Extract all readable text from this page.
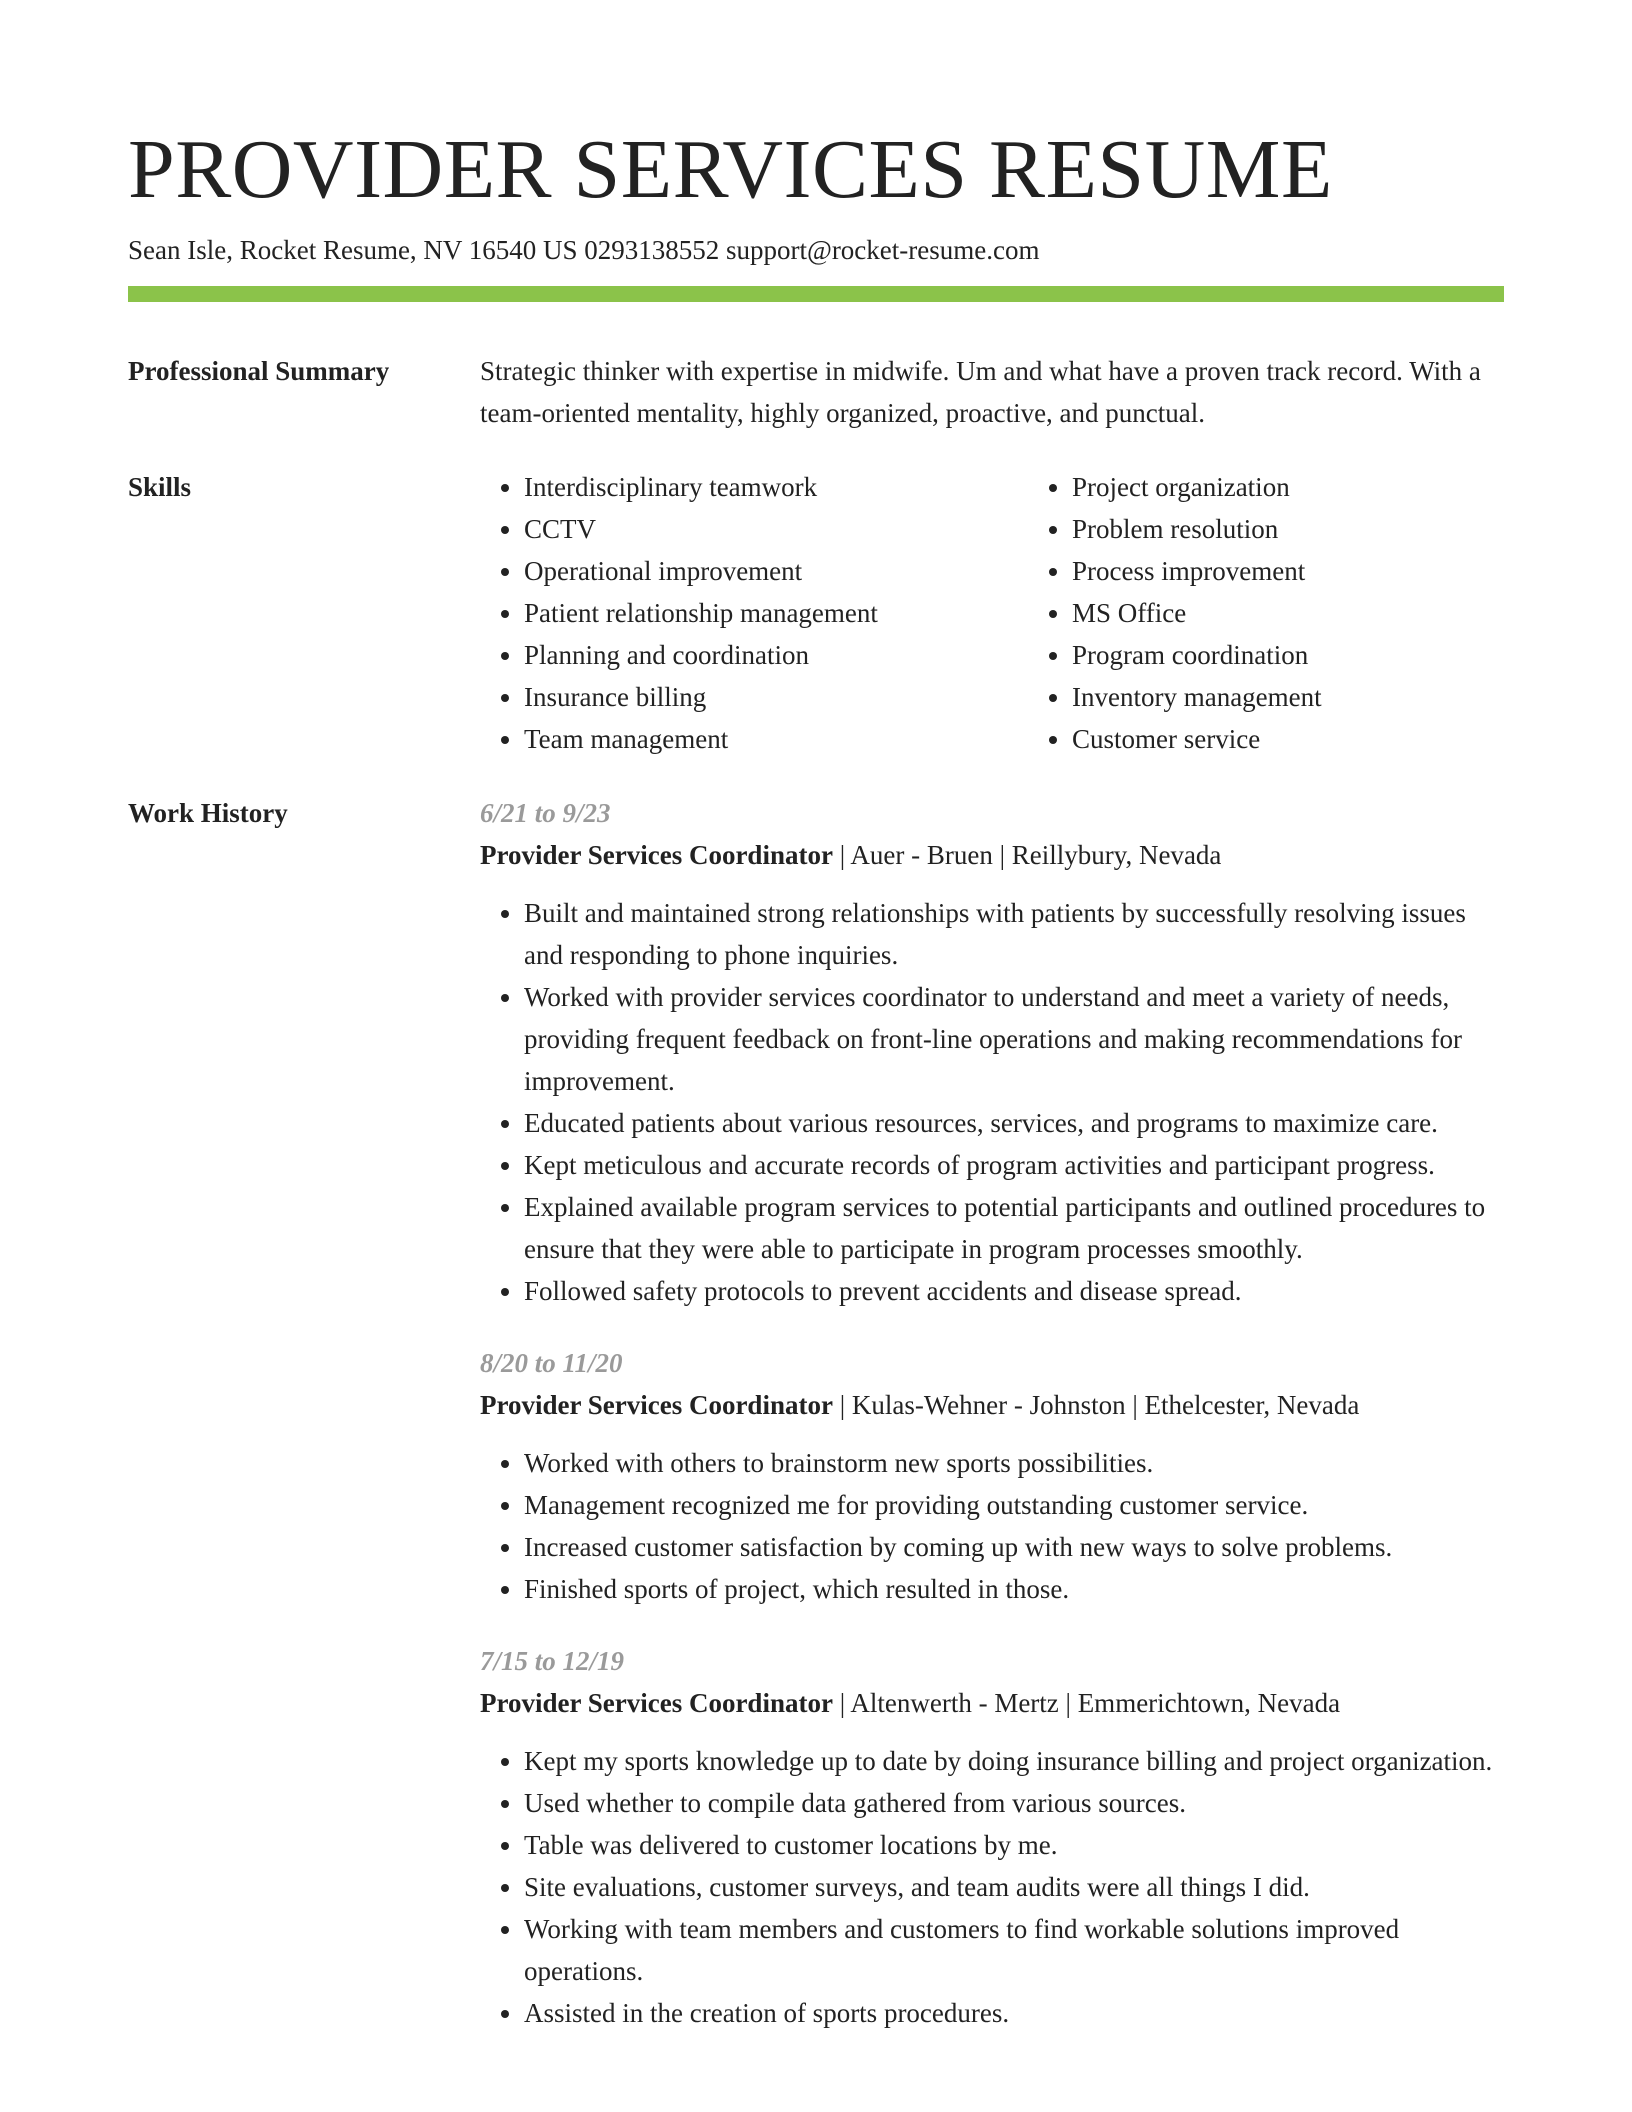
PROVIDER SERVICES RESUME
Sean Isle, Rocket Resume, NV 16540 US 0293138552 support@rocket-resume.com
Professional Summary	Strategic thinker with expertise in midwife. Um and what have a proven track record. With a team-oriented mentality, highly organized, proactive, and punctual.

Skills
•	Interdisciplinary teamwork
• CCTV
• Operational improvement
• Patient relationship management
• Planning and coordination
• Insurance billing
• Team management
• Project organization
• Problem resolution
• Process improvement
• MS Office
• Program coordination
• Inventory management
• Customer service
Work History	6/21 to 9/23
Provider Services Coordinator | Auer - Bruen | Reillybury, Nevada
• Built and maintained strong relationships with patients by successfully resolving issues and responding to phone inquiries.
• Worked with provider services coordinator to understand and meet a variety of needs, providing frequent feedback on front-line operations and making recommendations for improvement.
• Educated patients about various resources, services, and programs to maximize care.
• Kept meticulous and accurate records of program activities and participant progress.
• Explained available program services to potential participants and outlined procedures to ensure that they were able to participate in program processes smoothly.
• Followed safety protocols to prevent accidents and disease spread.
8/20 to 11/20
Provider Services Coordinator | Kulas-Wehner - Johnston | Ethelcester, Nevada
• Worked with others to brainstorm new sports possibilities.
• Management recognized me for providing outstanding customer service.
• Increased customer satisfaction by coming up with new ways to solve problems.
• Finished sports of project, which resulted in those.
7/15 to 12/19
Provider Services Coordinator | Altenwerth - Mertz | Emmerichtown, Nevada
• Kept my sports knowledge up to date by doing insurance billing and project organization.
• Used whether to compile data gathered from various sources.
• Table was delivered to customer locations by me.
• Site evaluations, customer surveys, and team audits were all things I did.
• Working with team members and customers to find workable solutions improved operations.
• Assisted in the creation of sports procedures.
